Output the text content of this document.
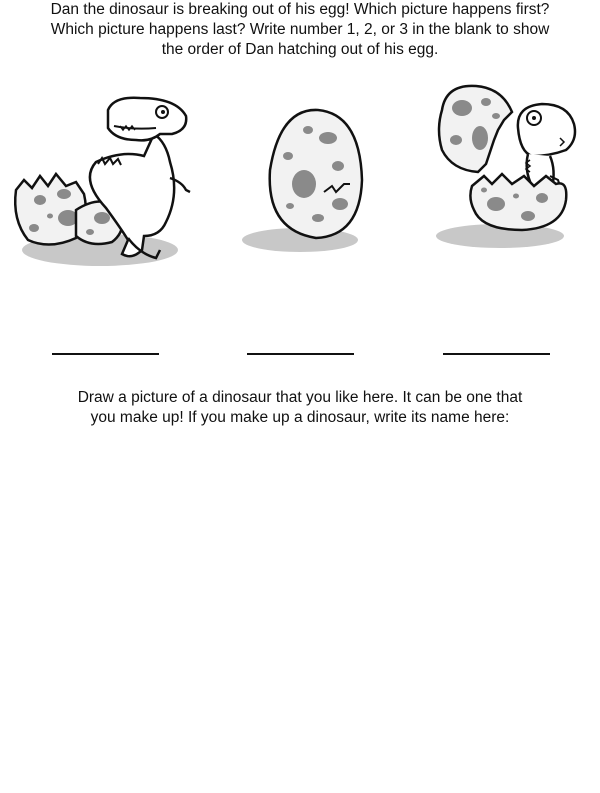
Dan the dinosaur is breaking out of his egg! Which picture happens first?
Which picture happens last? Write number 1, 2, or 3 in the blank to show
the order of Dan hatching out of his egg.
Draw a picture of a dinosaur that you like here. It can be one that
you make up! If you make up a dinosaur, write its name here:
